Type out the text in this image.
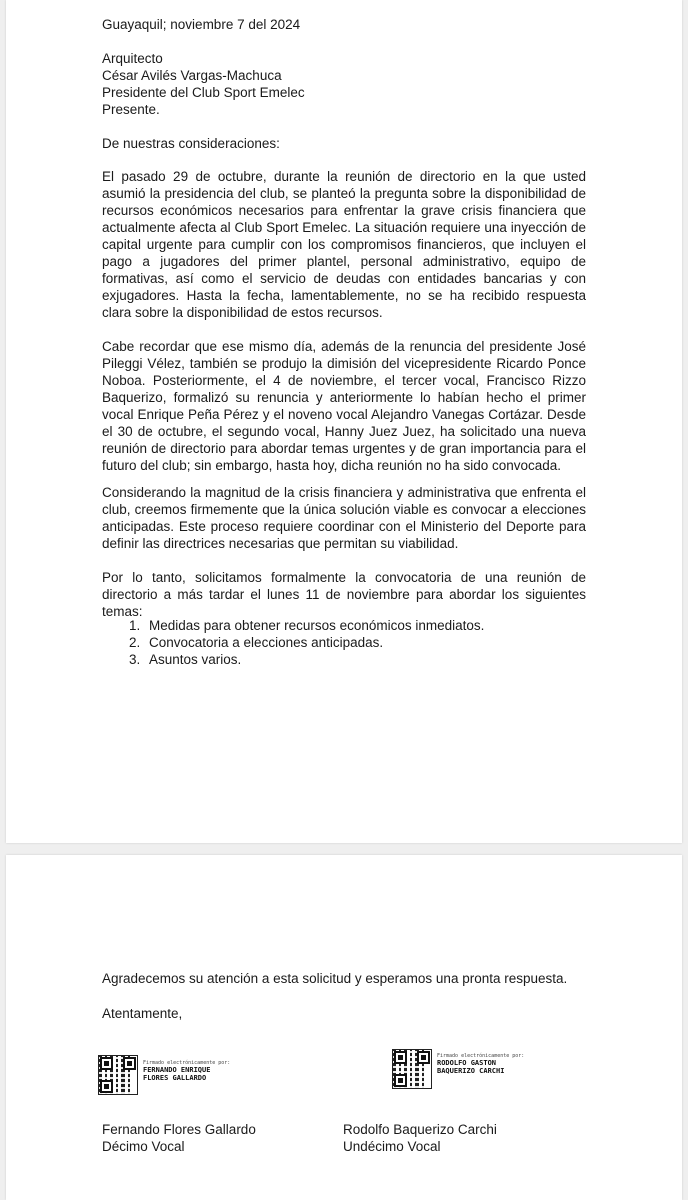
Guayaquil; noviembre 7 del 2024

Arquitecto

César Avilés Vargas-Machuca

Presidente del Club Sport Emelec

Presente.

De nuestras consideraciones:

El pasado 29 de octubre, durante la reunión de directorio en la que usted asumió la presidencia del club, se planteó la pregunta sobre la disponibilidad de recursos económicos necesarios para enfrentar la grave crisis financiera que actualmente afecta al Club Sport Emelec. La situación requiere una inyección de capital urgente para cumplir con los compromisos financieros, que incluyen el pago a jugadores del primer plantel, personal administrativo, equipo de formativas, así como el servicio de deudas con entidades bancarias y con exjugadores. Hasta la fecha, lamentablemente, no se ha recibido respuesta clara sobre la disponibilidad de estos recursos.

Cabe recordar que ese mismo día, además de la renuncia del presidente José Pileggi Vélez, también se produjo la dimisión del vicepresidente Ricardo Ponce Noboa. Posteriormente, el 4 de noviembre, el tercer vocal, Francisco Rizzo Baquerizo, formalizó su renuncia y anteriormente lo habían hecho el primer vocal Enrique Peña Pérez y el noveno vocal Alejandro Vanegas Cortázar. Desde el 30 de octubre, el segundo vocal, Hanny Juez Juez, ha solicitado una nueva reunión de directorio para abordar temas urgentes y de gran importancia para el futuro del club; sin embargo, hasta hoy, dicha reunión no ha sido convocada.

Considerando la magnitud de la crisis financiera y administrativa que enfrenta el club, creemos firmemente que la única solución viable es convocar a elecciones anticipadas. Este proceso requiere coordinar con el Ministerio del Deporte para definir las directrices necesarias que permitan su viabilidad.

Por lo tanto, solicitamos formalmente la convocatoria de una reunión de directorio a más tardar el lunes 11 de noviembre para abordar los siguientes temas:

1. Medidas para obtener recursos económicos inmediatos.
2. Convocatoria a elecciones anticipadas.
3. Asuntos varios.

Agradecemos su atención a esta solicitud y esperamos una pronta respuesta.

Atentamente,

Firmado electrónicamente por:
FERNANDO ENRIQUE
FLORES GALLARDO
Firmado electrónicamente por:
RODOLFO GASTON
BAQUERIZO CARCHI

Fernando Flores Gallardo

Décimo Vocal

Rodolfo Baquerizo Carchi

Undécimo Vocal
